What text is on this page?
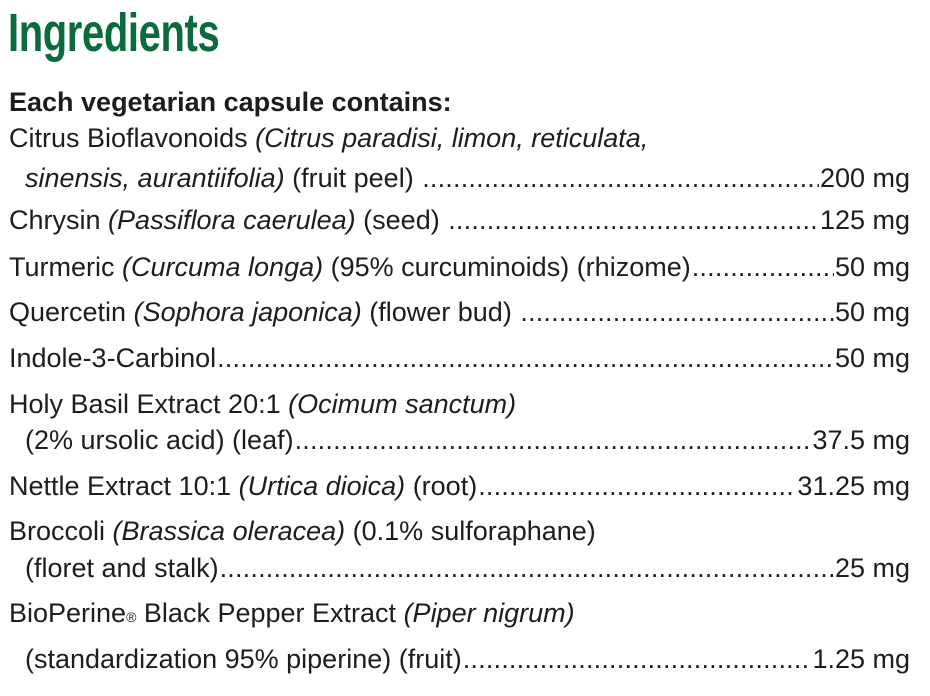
Ingredients
Each vegetarian capsule contains:
Citrus Bioflavonoids
(Citrus paradisi, limon, reticulata,
sinensis, aurantiifolia)
(fruit peel)
.....	200 mg
Chrysin
(Passiflora caerulea)
(seed)
.....	125 mg
Turmeric
(Curcuma longa)
(95% curcuminoids) (rhizome) .....	50 mg
Quercetin
(Sophora japonica)
(flower bud)
.....	50 mg
Indole-3-Carbinol .....	50 mg
Holy Basil Extract 20:1
(Ocimum sanctum)
(2% ursolic acid) (leaf) .....	37.5 mg
Nettle Extract 10:1
(Urtica dioica)
(root) .....	31.25 mg
Broccoli
(Brassica oleracea)
(0.1% sulforaphane)
(floret and stalk) .....	25 mg
BioPerine ®
Black Pepper Extract
(Piper nigrum)
(standardization 95% piperine) (fruit) .....	1.25 mg
